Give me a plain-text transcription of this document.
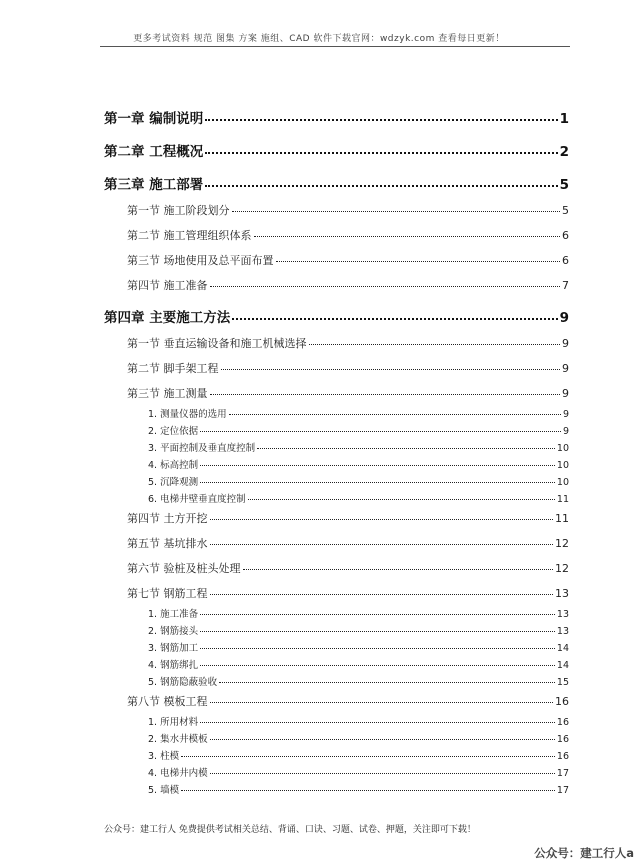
更多考试资料 规范 图集 方案 施组、CAD 软件下载官网：wdzyk.com 查看每日更新！
第一章 编制说明	1
第二章 工程概况	2
第三章 施工部署	5
第一节 施工阶段划分	5
第二节 施工管理组织体系	6
第三节 场地使用及总平面布置	6
第四节 施工准备	7
第四章 主要施工方法	9
第一节 垂直运输设备和施工机械选择	9
第二节 脚手架工程	9
第三节 施工测量	9
1. 测量仪器的选用	9
2. 定位依据	9
3. 平面控制及垂直度控制	10
4. 标高控制	10
5. 沉降观测	10
6. 电梯井壁垂直度控制	11
第四节 土方开挖	11
第五节 基坑排水	12
第六节 验桩及桩头处理	12
第七节 钢筋工程	13
1. 施工准备	13
2. 钢筋接头	13
3. 钢筋加工	14
4. 钢筋绑扎	14
5. 钢筋隐蔽验收	15
第八节 模板工程	16
1. 所用材料	16
2. 集水井模板	16
3. 柱模	16
4. 电梯井内模	17
5. 墙模	17
公众号：建工行人 免费提供考试相关总结、背诵、口诀、习题、试卷、押题，关注即可下载！
公众号：建工行人a
